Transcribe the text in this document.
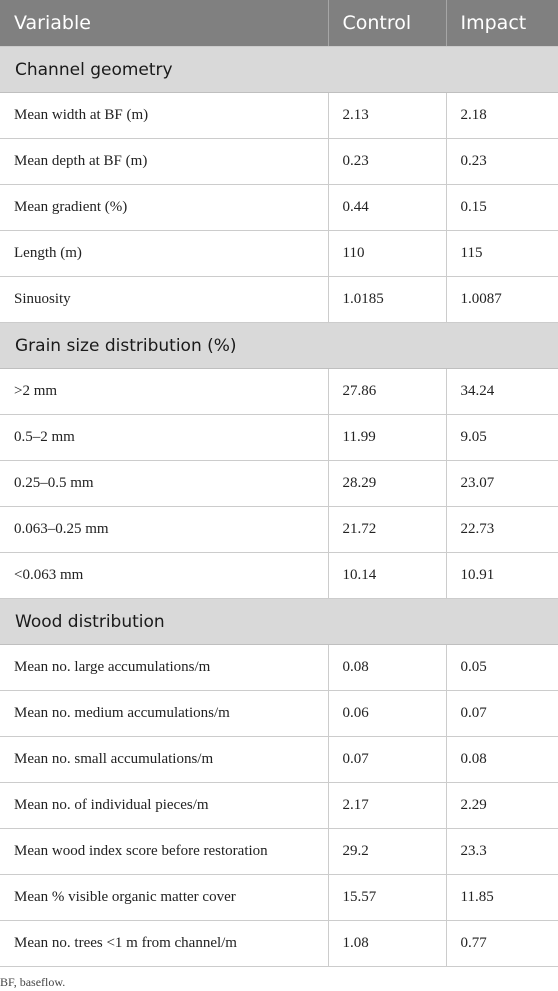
Variable	Control	Impact
Channel geometry		
Mean width at BF (m)	2.13	2.18
Mean depth at BF (m)	0.23	0.23
Mean gradient (%)	0.44	0.15
Length (m)	110	115
Sinuosity	1.0185	1.0087
Grain size distribution (%)		
>2 mm	27.86	34.24
0.5–2 mm	11.99	9.05
0.25–0.5 mm	28.29	23.07
0.063–0.25 mm	21.72	22.73
<0.063 mm	10.14	10.91
Wood distribution		
Mean no. large accumulations/m	0.08	0.05
Mean no. medium accumulations/m	0.06	0.07
Mean no. small accumulations/m	0.07	0.08
Mean no. of individual pieces/m	2.17	2.29
Mean wood index score before restoration	29.2	23.3
Mean % visible organic matter cover	15.57	11.85
Mean no. trees <1 m from channel/m	1.08	0.77
BF, baseflow.
